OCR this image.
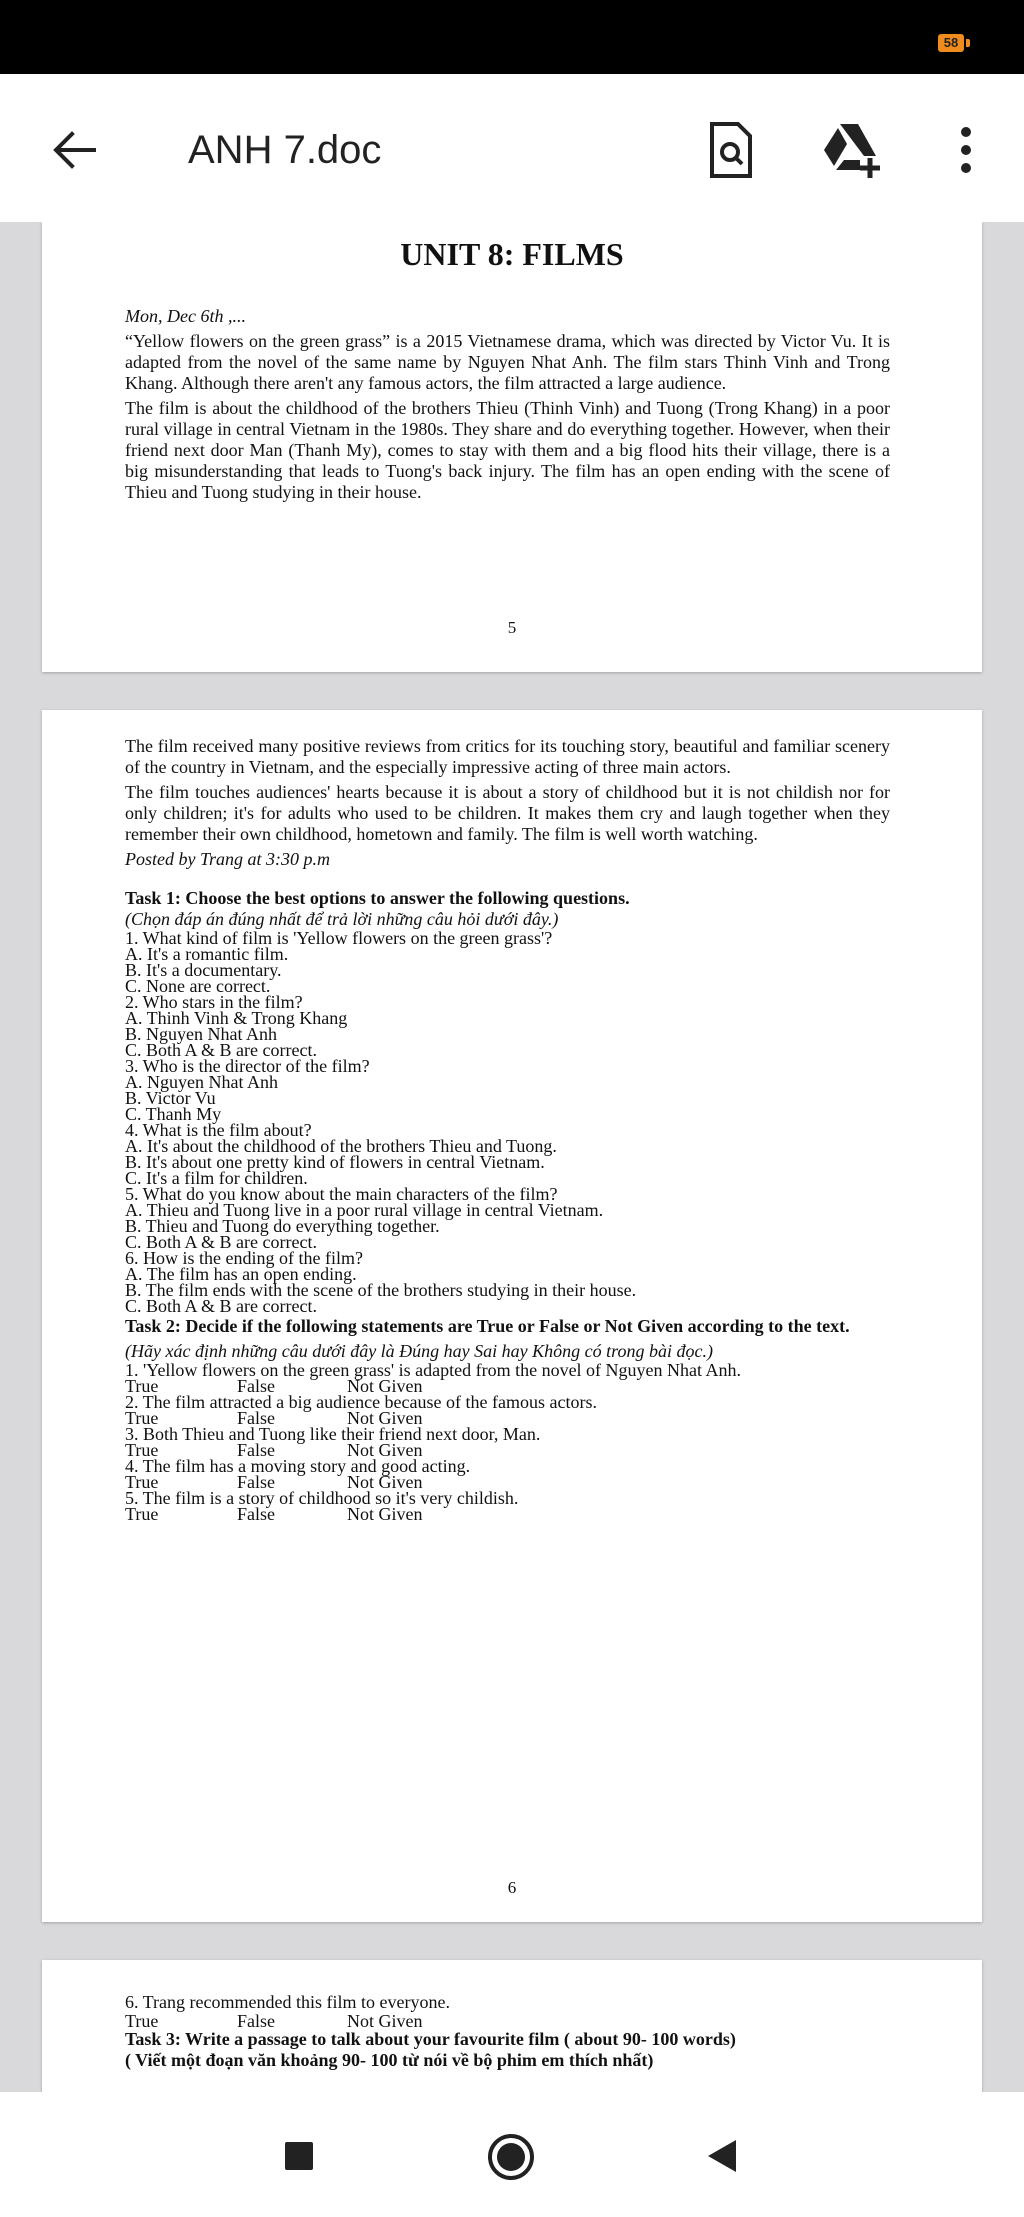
58
ANH 7.doc
UNIT 8: FILMS

Mon, Dec 6th ,...

“Yellow flowers on the green grass” is a 2015 Vietnamese drama, which was directed by Victor Vu. It is adapted from the novel of the same name by Nguyen Nhat Anh. The film stars Thinh Vinh and Trong Khang. Although there aren't any famous actors, the film attracted a large audience.

The film is about the childhood of the brothers Thieu (Thinh Vinh) and Tuong (Trong Khang) in a poor rural village in central Vietnam in the 1980s. They share and do everything together. However, when their friend next door Man (Thanh My), comes to stay with them and a big flood hits their village, there is a big misunderstanding that leads to Tuong's back injury. The film has an open ending with the scene of Thieu and Tuong studying in their house.

5

The film received many positive reviews from critics for its touching story, beautiful and familiar scenery of the country in Vietnam, and the especially impressive acting of three main actors.

The film touches audiences' hearts because it is about a story of childhood but it is not childish nor for only children; it's for adults who used to be children. It makes them cry and laugh together when they remember their own childhood, hometown and family. The film is well worth watching.

Posted by Trang at 3:30 p.m

Task 1: Choose the best options to answer the following questions.

(Chọn đáp án đúng nhất để trả lời những câu hỏi dưới đây.)

1. What kind of film is 'Yellow flowers on the green grass'?

A. It's a romantic film.

B. It's a documentary.

C. None are correct.

2. Who stars in the film?

A. Thinh Vinh & Trong Khang

B. Nguyen Nhat Anh

C. Both A & B are correct.

3. Who is the director of the film?

A. Nguyen Nhat Anh

B. Victor Vu

C. Thanh My

4. What is the film about?

A. It's about the childhood of the brothers Thieu and Tuong.

B. It's about one pretty kind of flowers in central Vietnam.

C. It's a film for children.

5. What do you know about the main characters of the film?

A. Thieu and Tuong live in a poor rural village in central Vietnam.

B. Thieu and Tuong do everything together.

C. Both A & B are correct.

6. How is the ending of the film?

A. The film has an open ending.

B. The film ends with the scene of the brothers studying in their house.

C. Both A & B are correct.

Task 2: Decide if the following statements are True or False or Not Given according to the text.

(Hãy xác định những câu dưới đây là Đúng hay Sai hay Không có trong bài đọc.)

1. 'Yellow flowers on the green grass' is adapted from the novel of Nguyen Nhat Anh.

True	False	Not Given

2. The film attracted a big audience because of the famous actors.

True	False	Not Given

3. Both Thieu and Tuong like their friend next door, Man.

True	False	Not Given

4. The film has a moving story and good acting.

True	False	Not Given

5. The film is a story of childhood so it's very childish.

True	False	Not Given
6

6. Trang recommended this film to everyone.

True	False	Not Given

Task 3: Write a passage to talk about your favourite film ( about 90- 100 words)

( Viết một đoạn văn khoảng 90- 100 từ nói về bộ phim em thích nhất)
